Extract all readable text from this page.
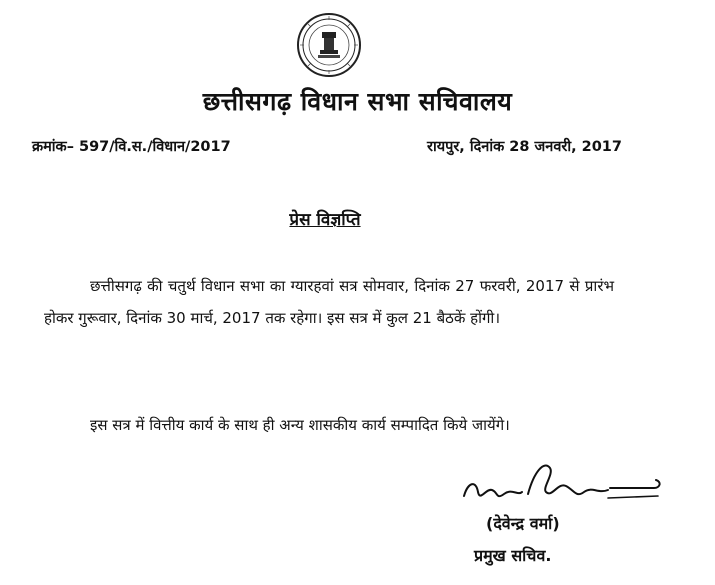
छत्तीसगढ़ विधान सभा सचिवालय
क्रमांक– 597/वि.स./विधान/2017	रायपुर, दिनांक 28 जनवरी, 2017
प्रेस विज्ञप्ति

छत्तीसगढ़ की चतुर्थ विधान सभा का ग्यारहवां सत्र सोमवार, दिनांक 27 फरवरी, 2017 से प्रारंभ होकर गुरूवार, दिनांक 30 मार्च, 2017 तक रहेगा। इस सत्र में कुल 21 बैठकें होंगी।

इस सत्र में वित्तीय कार्य के साथ ही अन्य शासकीय कार्य सम्पादित किये जायेंगे।

(देवेन्द्र वर्मा)
प्रमुख सचिव.
